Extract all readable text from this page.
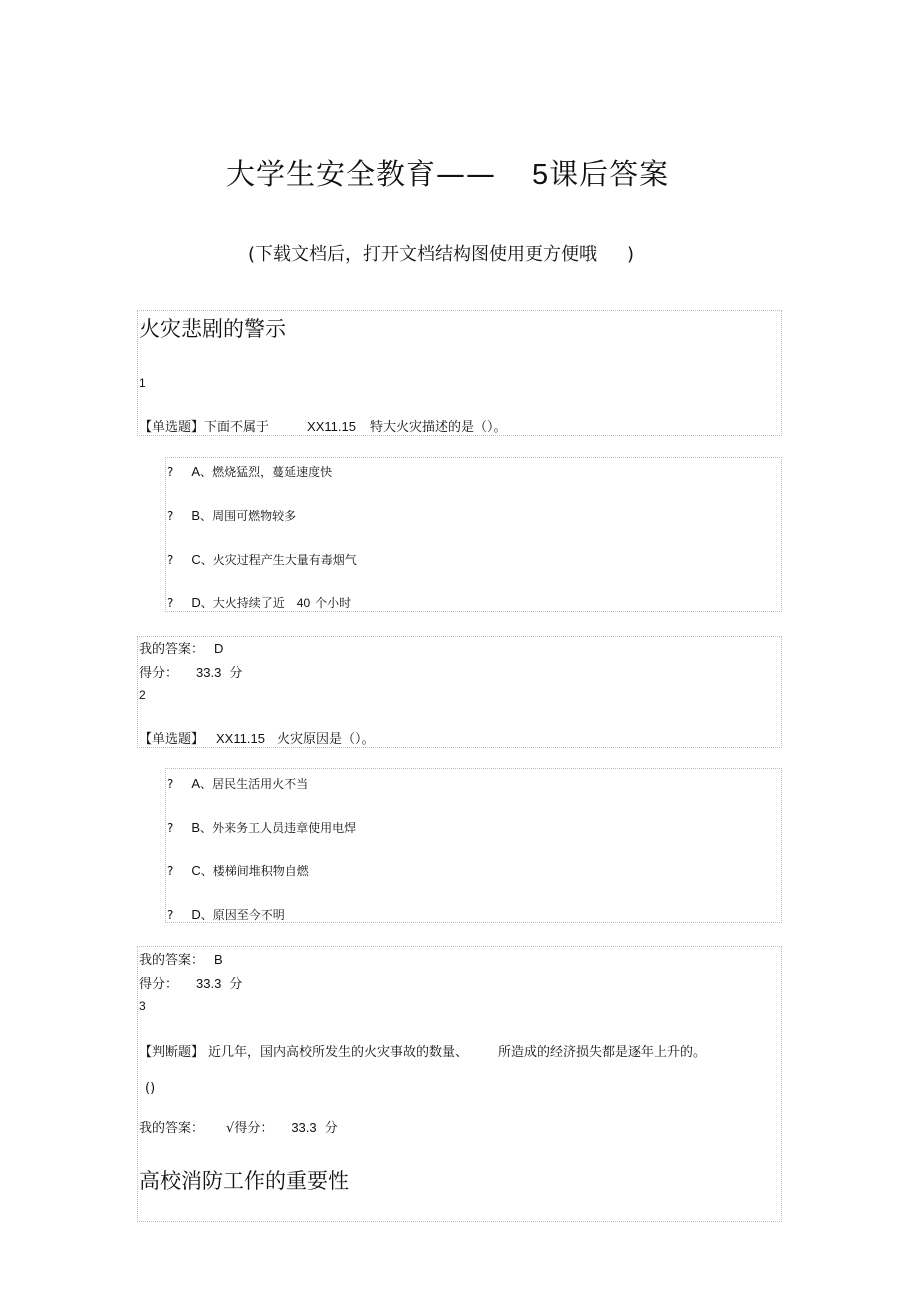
大学生安全教育—— 5课后答案
(下载文档后，打开文档结构图使用更方便哦 )
火灾悲剧的警示
1
【单选题】下面不属于	XX11.15 特大火灾描述的是（）。
? A、燃烧猛烈，蔓延速度快
? B、周围可燃物较多
? C、火灾过程产生大量有毒烟气
? D、大火持续了近 40 个小时
我的答案： D
得分： 33.3 分
2
【单选题】 XX11.15 火灾原因是（）。
? A、居民生活用火不当
? B、外来务工人员违章使用电焊
? C、楼梯间堆积物自燃
? D、原因至今不明
我的答案： B
得分： 33.3 分
3
【判断题】 近几年，国内高校所发生的火灾事故的数量、 所造成的经济损失都是逐年上升的。
()
我的答案： √得分： 33.3 分
高校消防工作的重要性
